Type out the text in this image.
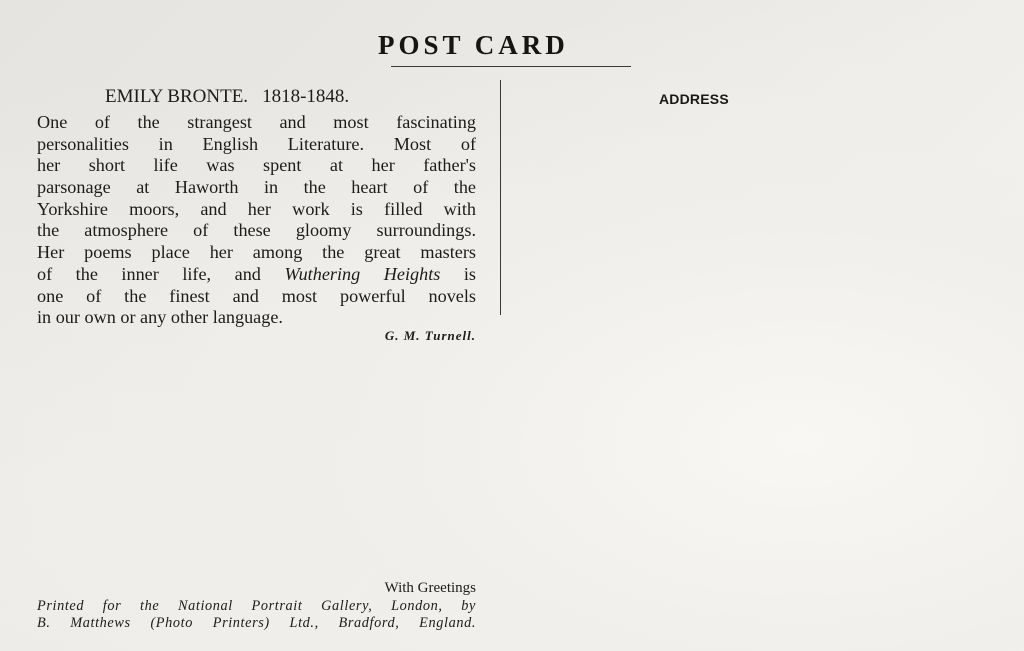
POST CARD
ADDRESS
EMILY BRONTE. 1818-1848.
One of the strangest and most fascinating
personalities in English Literature. Most of
her short life was spent at her father's
parsonage at Haworth in the heart of the
Yorkshire moors, and her work is filled with
the atmosphere of these gloomy surroundings.
Her poems place her among the great masters
of the inner life, and Wuthering Heights is
one of the finest and most powerful novels
in our own or any other language.
G. M. Turnell.
With Greetings
Printed for the National Portrait Gallery, London, by
B. Matthews (Photo Printers) Ltd., Bradford, England.
